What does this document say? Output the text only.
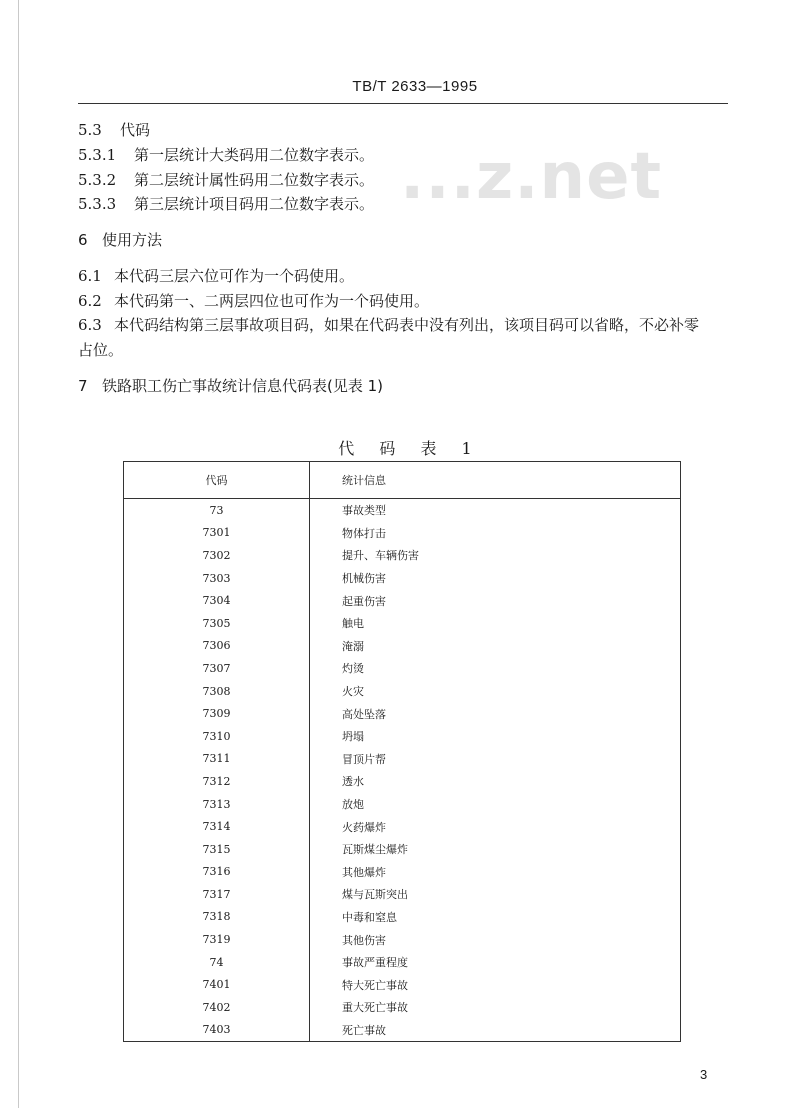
TB/T 2633—1995
...z.net
5.3 代码
5.3.1 第一层统计大类码用二位数字表示。
5.3.2 第二层统计属性码用二位数字表示。
5.3.3 第三层统计项目码用二位数字表示。
6 使用方法
6.1 本代码三层六位可作为一个码使用。
6.2 本代码第一、二两层四位也可作为一个码使用。
6.3 本代码结构第三层事故项目码，如果在代码表中没有列出，该项目码可以省略，不必补零
占位。
7 铁路职工伤亡事故统计信息代码表(见表 1)
代 码 表 1
代码	统计信息
73	事故类型
7301	物体打击
7302	提升、车辆伤害
7303	机械伤害
7304	起重伤害
7305	触电
7306	淹溺
7307	灼烫
7308	火灾
7309	高处坠落
7310	坍塌
7311	冒顶片帮
7312	透水
7313	放炮
7314	火药爆炸
7315	瓦斯煤尘爆炸
7316	其他爆炸
7317	煤与瓦斯突出
7318	中毒和窒息
7319	其他伤害
74	事故严重程度
7401	特大死亡事故
7402	重大死亡事故
7403	死亡事故
3
